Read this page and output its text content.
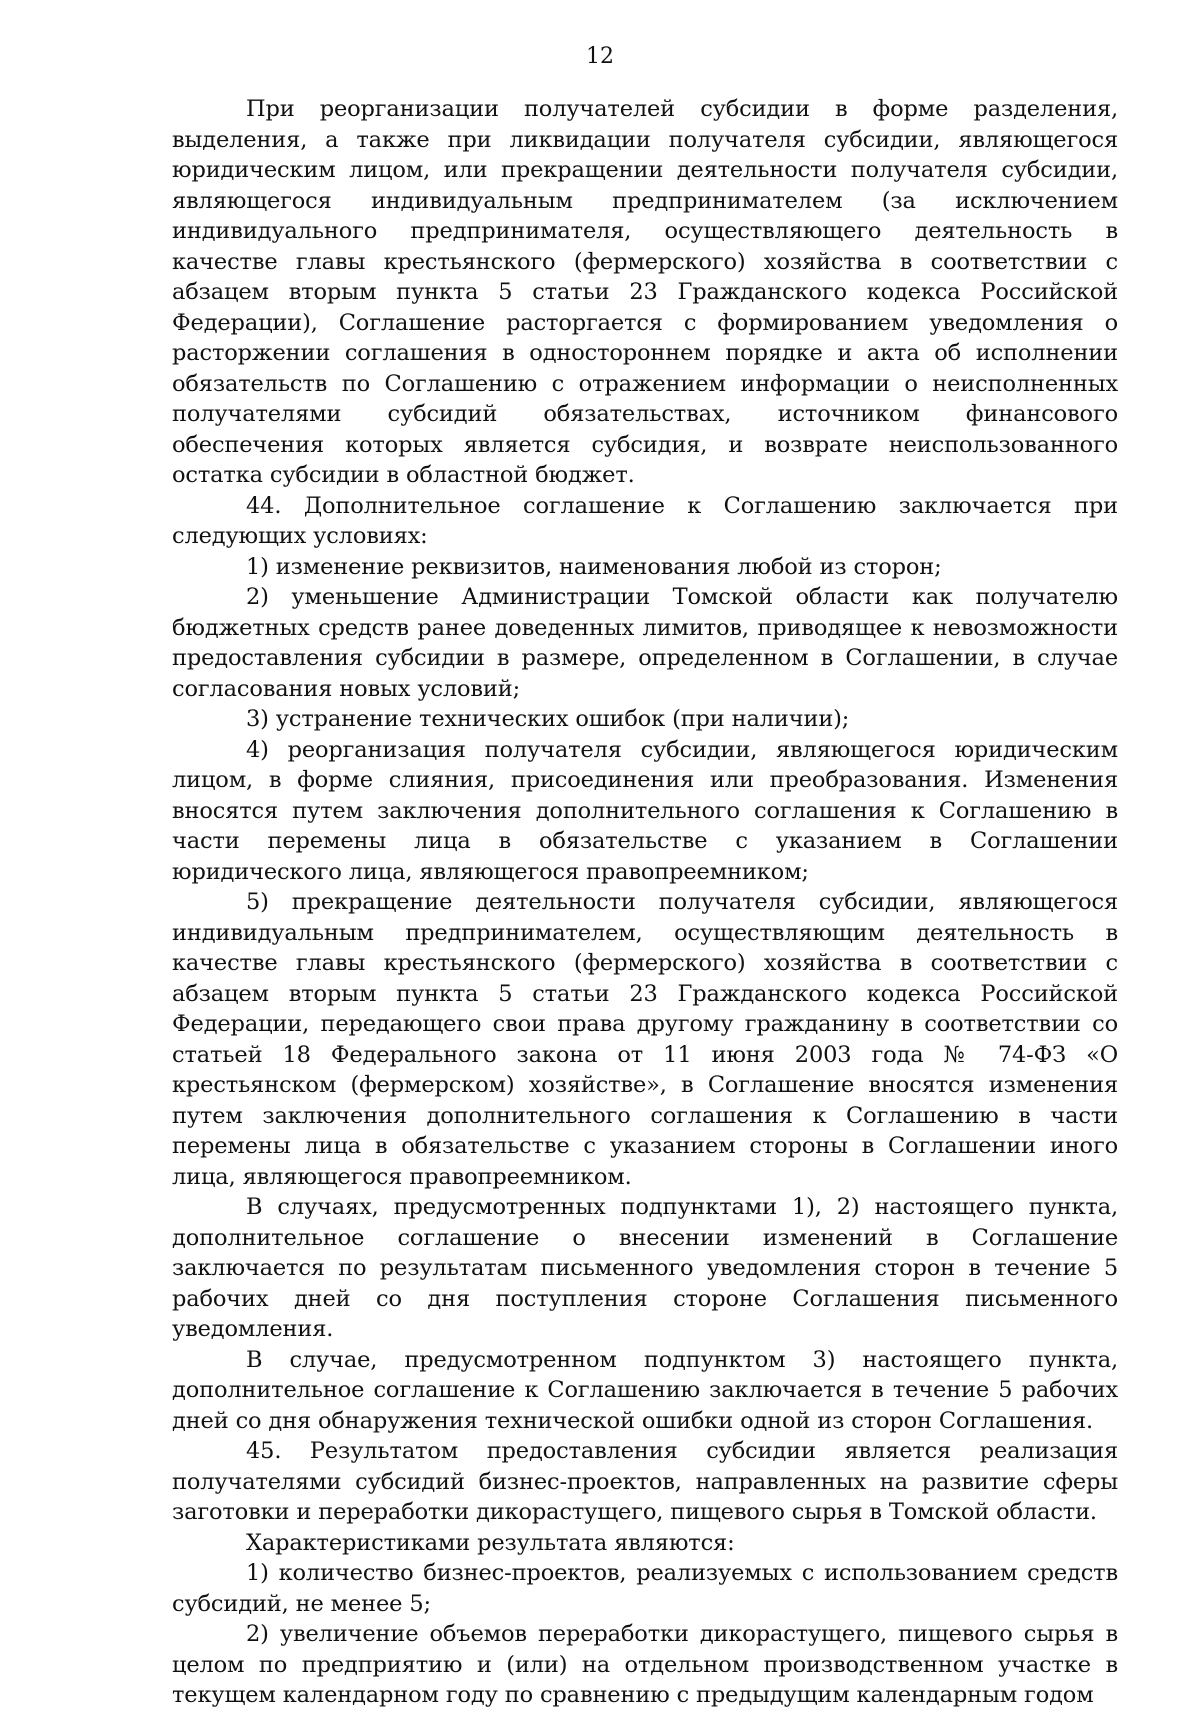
12

При реорганизации получателей субсидии в форме разделения, выделения, а также при ликвидации получателя субсидии, являющегося юридическим лицом, или прекращении деятельности получателя субсидии, являющегося индивидуальным предпринимателем (за исключением индивидуального предпринимателя, осуществляющего деятельность в качестве главы крестьянского (фермерского) хозяйства в соответствии с абзацем вторым пункта 5 статьи 23 Гражданского кодекса Российской Федерации), Соглашение расторгается с формированием уведомления о расторжении соглашения в одностороннем порядке и акта об исполнении обязательств по Соглашению с отражением информации о неисполненных получателями субсидий обязательствах, источником финансового обеспечения которых является субсидия, и возврате неиспользованного остатка субсидии в областной бюджет.

44. Дополнительное соглашение к Соглашению заключается при следующих условиях:

1) изменение реквизитов, наименования любой из сторон;

2) уменьшение Администрации Томской области как получателю бюджетных средств ранее доведенных лимитов, приводящее к невозможности предоставления субсидии в размере, определенном в Соглашении, в случае согласования новых условий;

3) устранение технических ошибок (при наличии);

4) реорганизация получателя субсидии, являющегося юридическим лицом, в форме слияния, присоединения или преобразования. Изменения вносятся путем заключения дополнительного соглашения к Соглашению в части перемены лица в обязательстве с указанием в Соглашении юридического лица, являющегося правопреемником;

5) прекращение деятельности получателя субсидии, являющегося индивидуальным предпринимателем, осуществляющим деятельность в качестве главы крестьянского (фермерского) хозяйства в соответствии с абзацем вторым пункта 5 статьи 23 Гражданского кодекса Российской Федерации, передающего свои права другому гражданину в соответствии со статьей 18 Федерального закона от 11 июня 2003 года № 74-ФЗ «О крестьянском (фермерском) хозяйстве», в Соглашение вносятся изменения путем заключения дополнительного соглашения к Соглашению в части перемены лица в обязательстве с указанием стороны в Соглашении иного лица, являющегося правопреемником.

В случаях, предусмотренных подпунктами 1), 2) настоящего пункта, дополнительное соглашение о внесении изменений в Соглашение заключается по результатам письменного уведомления сторон в течение 5 рабочих дней со дня поступления стороне Соглашения письменного уведомления.

В случае, предусмотренном подпунктом 3) настоящего пункта, дополнительное соглашение к Соглашению заключается в течение 5 рабочих дней со дня обнаружения технической ошибки одной из сторон Соглашения.

45. Результатом предоставления субсидии является реализация получателями субсидий бизнес-проектов, направленных на развитие сферы заготовки и переработки дикорастущего, пищевого сырья в Томской области.

Характеристиками результата являются:

1) количество бизнес-проектов, реализуемых с использованием средств субсидий, не менее 5;

2) увеличение объемов переработки дикорастущего, пищевого сырья в целом по предприятию и (или) на отдельном производственном участке в текущем календарном году по сравнению с предыдущим календарным годом
